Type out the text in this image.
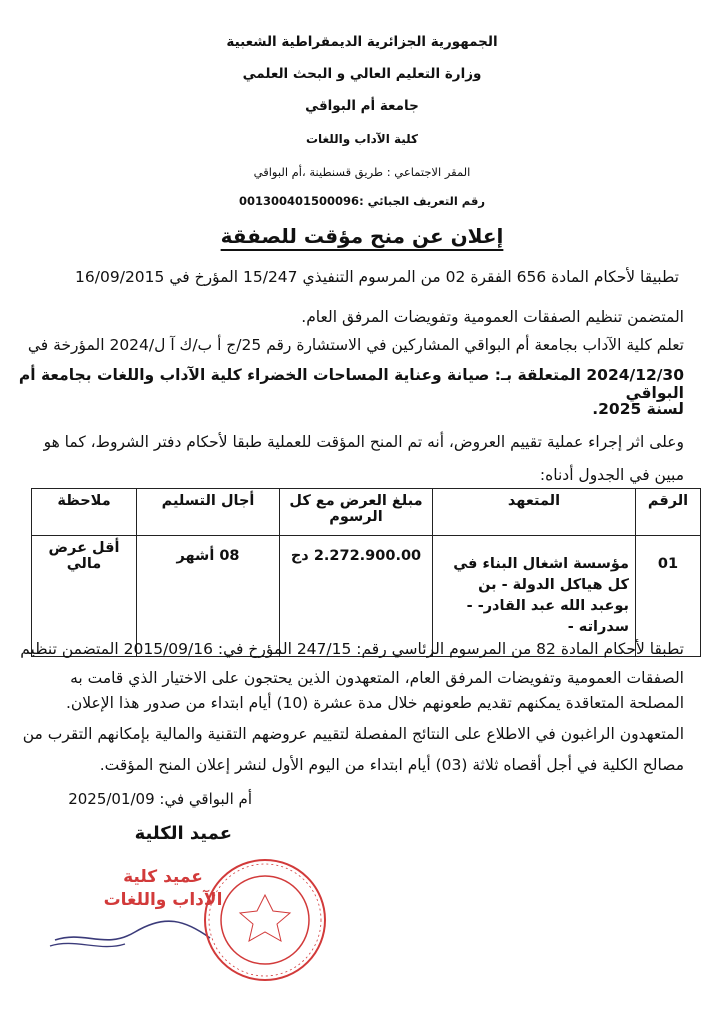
الجمهورية الجزائرية الديمقراطية الشعبية
وزارة التعليم العالي و البحث العلمي
جامعة أم البواقي
كلية الآداب واللغات
المقر الاجتماعي : طريق قسنطينة ،أم البواقي
رقم التعريف الجبائي :001300401500096
إعلان عن منح مؤقت للصفقة
تطبيقا لأحكام المادة 656 الفقرة 02 من المرسوم التنفيذي 15/247 المؤرخ في 16/09/2015
المتضمن تنظيم الصفقات العمومية وتفويضات المرفق العام.
تعلم كلية الآداب بجامعة أم البواقي المشاركين في الاستشارة رقم 25/ج أ ب/ك آ ل/2024 المؤرخة في
2024/12/30 المتعلقة بـ: صيانة وعناية المساحات الخضراء كلية الآداب واللغات بجامعة أم البواقي
لسنة 2025.
وعلى اثر إجراء عملية تقييم العروض، أنه تم المنح المؤقت للعملية طبقا لأحكام دفتر الشروط، كما هو
مبين في الجدول أدناه:
الرقم	المتعهد	مبلغ العرض مع كل الرسوم	أجال التسليم	ملاحظة
01	مؤسسة اشغال البناء في كل هياكل الدولة - بن بوعبد الله عبد القادر- - سدراته -	2.272.900.00 دج	08 أشهر	أقل عرض مالي
تطبقا لأحكام المادة 82 من المرسوم الرئاسي رقم: 247/15 المؤرخ في: 2015/09/16 المتضمن تنظيم
الصفقات العمومية وتفويضات المرفق العام، المتعهدون الذين يحتجون على الاختيار الذي قامت به
المصلحة المتعاقدة يمكنهم تقديم طعونهم خلال مدة عشرة (10) أيام ابتداء من صدور هذا الإعلان.
المتعهدون الراغبون في الاطلاع على النتائج المفصلة لتقييم عروضهم التقنية والمالية بإمكانهم التقرب من
مصالح الكلية في أجل أقصاه ثلاثة (03) أيام ابتداء من اليوم الأول لنشر إعلان المنح المؤقت.
أم البواقي في: 2025/01/09
عميد الكلية
عميد كلية الآداب واللغات
